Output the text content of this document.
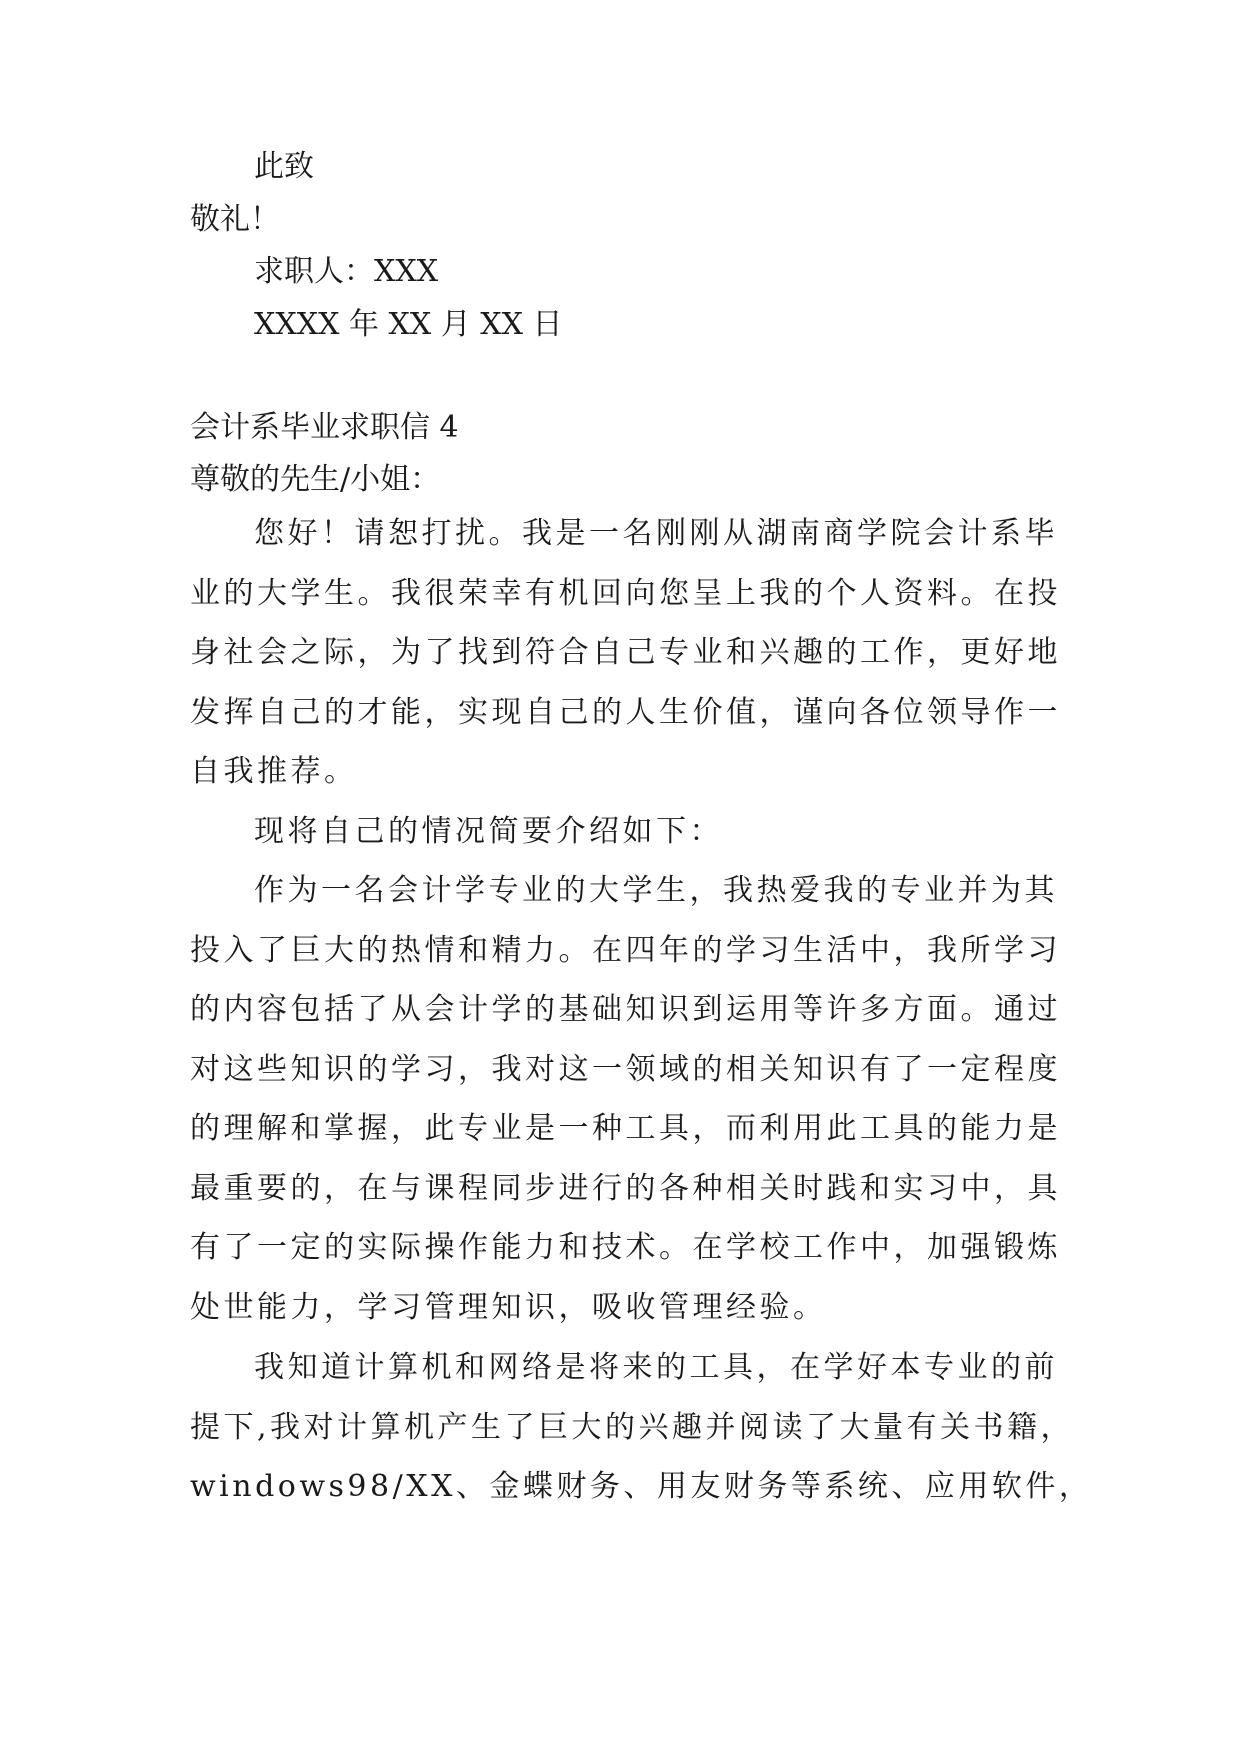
此致
敬礼！
求职人：XXX
XXXX 年 XX 月 XX 日
会计系毕业求职信 4
尊敬的先生/小姐：
您好！请恕打扰。我是一名刚刚从湖南商学院会计系毕
业的大学生。我很荣幸有机回向您呈上我的个人资料。在投
身社会之际，为了找到符合自己专业和兴趣的工作，更好地
发挥自己的才能，实现自己的人生价值，谨向各位领导作一
自我推荐。
现将自己的情况简要介绍如下：
作为一名会计学专业的大学生，我热爱我的专业并为其
投入了巨大的热情和精力。在四年的学习生活中，我所学习
的内容包括了从会计学的基础知识到运用等许多方面。通过
对这些知识的学习，我对这一领域的相关知识有了一定程度
的理解和掌握，此专业是一种工具，而利用此工具的能力是
最重要的，在与课程同步进行的各种相关时践和实习中，具
有了一定的实际操作能力和技术。在学校工作中，加强锻炼
处世能力，学习管理知识，吸收管理经验。
我知道计算机和网络是将来的工具，在学好本专业的前
提下,我对计算机产生了巨大的兴趣并阅读了大量有关书籍，
windows98/XX、金蝶财务、用友财务等系统、应用软件，
